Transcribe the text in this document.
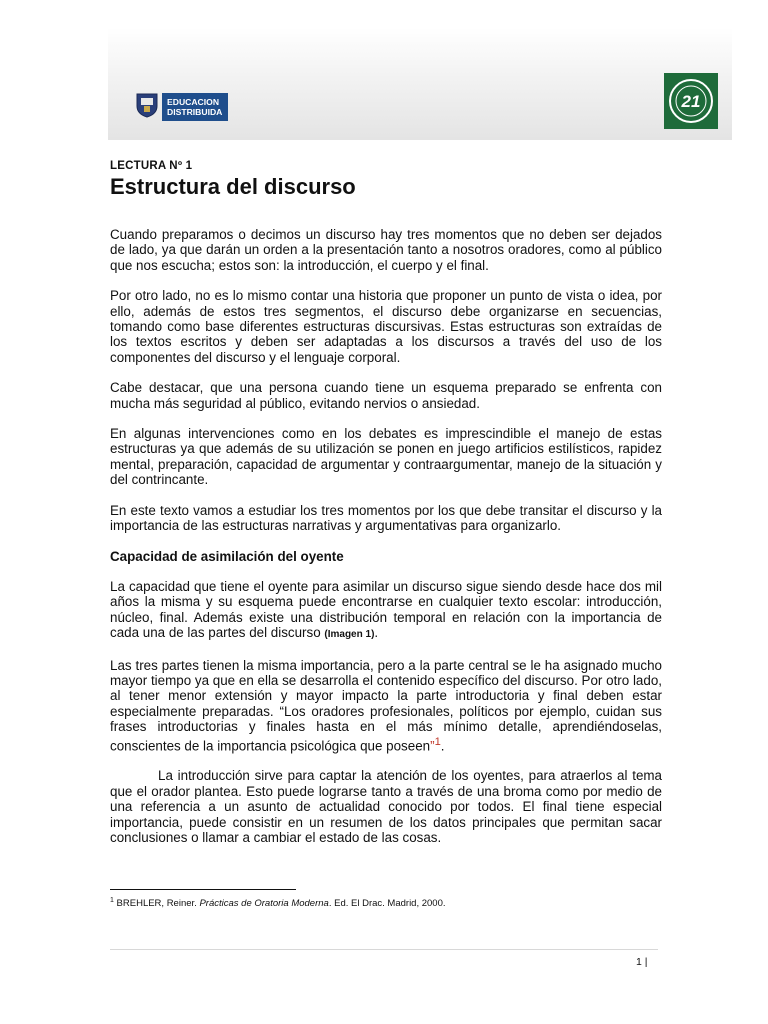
EDUCACION
DISTRIBUIDA
21

LECTURA Nº 1

Estructura del discurso

Cuando preparamos o decimos un discurso hay tres momentos que no deben ser dejados de lado, ya que darán un orden a la presentación tanto a nosotros oradores, como al público que nos escucha; estos son: la introducción, el cuerpo y el final.

Por otro lado, no es lo mismo contar una historia que proponer un punto de vista o idea, por ello, además de estos tres segmentos, el discurso debe organizarse en secuencias, tomando como base diferentes estructuras discursivas. Estas estructuras son extraídas de los textos escritos y deben ser adaptadas a los discursos a través del uso de los componentes del discurso y el lenguaje corporal.

Cabe destacar, que una persona cuando tiene un esquema preparado se enfrenta con mucha más seguridad al público, evitando nervios o ansiedad.

En algunas intervenciones como en los debates es imprescindible el manejo de estas estructuras ya que además de su utilización se ponen en juego artificios estilísticos, rapidez mental, preparación, capacidad de argumentar y contraargumentar, manejo de la situación y del contrincante.

En este texto vamos a estudiar los tres momentos por los que debe transitar el discurso y la importancia de las estructuras narrativas y argumentativas para organizarlo.

Capacidad de asimilación del oyente

La capacidad que tiene el oyente para asimilar un discurso sigue siendo desde hace dos mil años la misma y su esquema puede encontrarse en cualquier texto escolar: introducción, núcleo, final. Además existe una distribución temporal en relación con la importancia de cada una de las partes del discurso (Imagen 1).

Las tres partes tienen la misma importancia, pero a la parte central se le ha asignado mucho mayor tiempo ya que en ella se desarrolla el contenido específico del discurso. Por otro lado, al tener menor extensión y mayor impacto la parte introductoria y final deben estar especialmente preparadas. “Los oradores profesionales, políticos por ejemplo, cuidan sus frases introductorias y finales hasta en el más mínimo detalle, aprendiéndoselas, conscientes de la importancia psicológica que poseen”$^1$.

La introducción sirve para captar la atención de los oyentes, para atraerlos al tema que el orador plantea. Esto puede lograrse tanto a través de una broma como por medio de una referencia a un asunto de actualidad conocido por todos. El final tiene especial importancia, puede consistir en un resumen de los datos principales que permitan sacar conclusiones o llamar a cambiar el estado de las cosas.

$^1$ BREHLER, Reiner. Prácticas de Oratoria Moderna. Ed. El Drac. Madrid, 2000.
1 |
